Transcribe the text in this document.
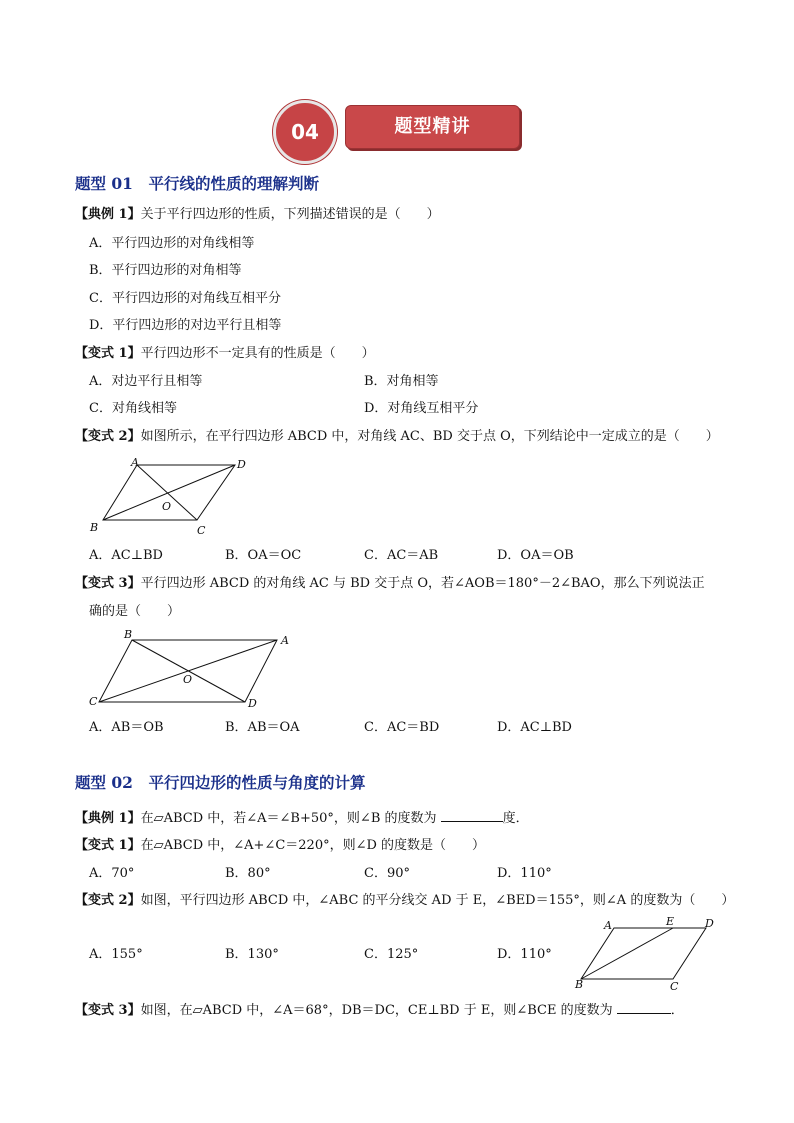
04	题型精讲
题型 01　平行线的性质的理解判断
【典例 1】关于平行四边形的性质，下列描述错误的是（　　）
A．平行四边形的对角线相等
B．平行四边形的对角相等
C．平行四边形的对角线互相平分
D．平行四边形的对边平行且相等
【变式 1】平行四边形不一定具有的性质是（　　）
A．对边平行且相等	B．对角相等
C．对角线相等	D．对角线互相平分
【变式 2】如图所示，在平行四边形 ABCD 中，对角线 AC、BD 交于点 O，下列结论中一定成立的是（　　）
A	D
O
B	C
A．AC⊥BD	B．OA＝OC	C．AC＝AB	D．OA＝OB
【变式 3】平行四边形 ABCD 的对角线 AC 与 BD 交于点 O，若∠AOB＝180°－2∠BAO，那么下列说法正
确的是（　　）
B	A
O
C	D
A．AB＝OB	B．AB＝OA	C．AC＝BD	D．AC⊥BD
题型 02　平行四边形的性质与角度的计算
【典例 1】在▱ABCD 中，若∠A＝∠B+50°，则∠B 的度数为	度．
【变式 1】在▱ABCD 中，∠A+∠C＝220°，则∠D 的度数是（　　）
A．70°	B．80°	C．90°	D．110°
【变式 2】如图，平行四边形 ABCD 中，∠ABC 的平分线交 AD 于 E，∠BED＝155°，则∠A 的度数为（　　）
A	E	D
B	C
A．155°	B．130°	C．125°	D．110°
【变式 3】如图，在▱ABCD 中，∠A＝68°，DB＝DC，CE⊥BD 于 E，则∠BCE 的度数为	．
